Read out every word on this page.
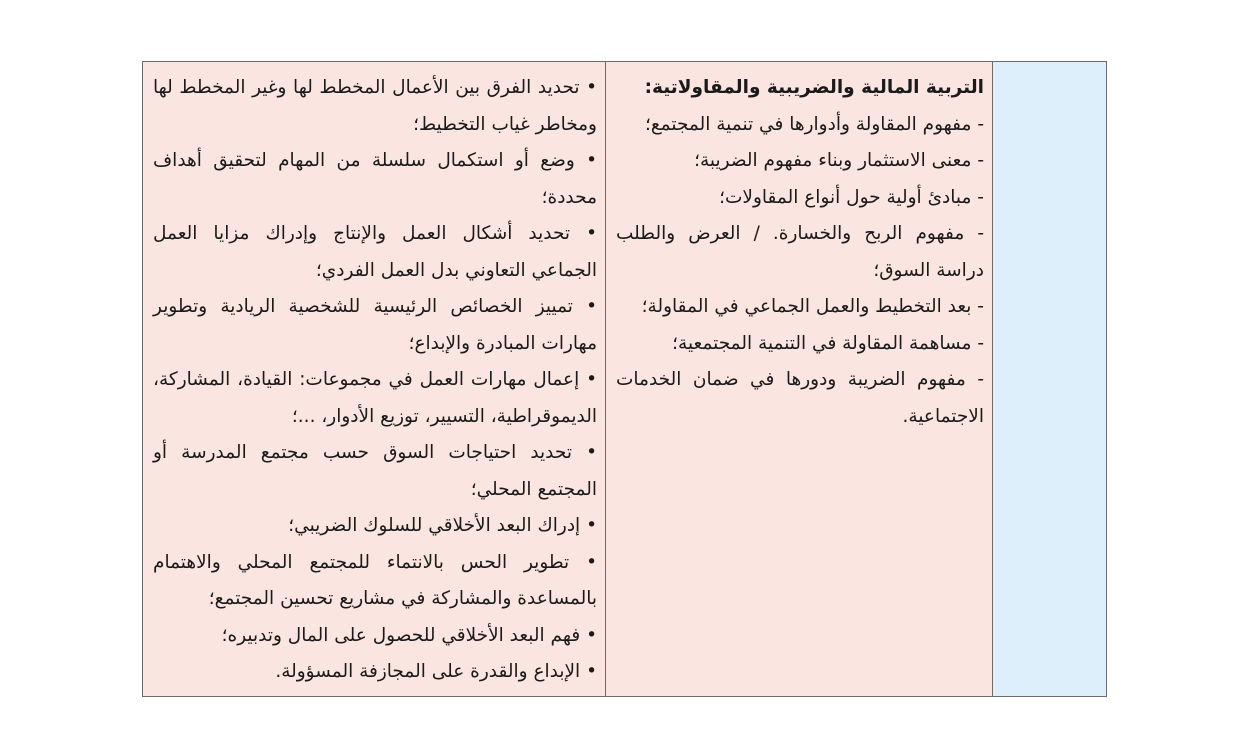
التربية المالية والضريبية والمقاولاتية:
- مفهوم المقاولة وأدوارها في تنمية المجتمع؛
- معنى الاستثمار وبناء مفهوم الضريبة؛
- مبادئ أولية حول أنواع المقاولات؛
- مفهوم الربح والخسارة. / العرض والطلب دراسة السوق؛
- بعد التخطيط والعمل الجماعي في المقاولة؛
- مساهمة المقاولة في التنمية المجتمعية؛
- مفهوم الضريبة ودورها في ضمان الخدمات الاجتماعية.
• تحديد الفرق بين الأعمال المخطط لها وغير المخطط لها ومخاطر غياب التخطيط؛
• وضع أو استكمال سلسلة من المهام لتحقيق أهداف محددة؛
• تحديد أشكال العمل والإنتاج وإدراك مزايا العمل الجماعي التعاوني بدل العمل الفردي؛
• تمييز الخصائص الرئيسية للشخصية الريادية وتطوير مهارات المبادرة والإبداع؛
• إعمال مهارات العمل في مجموعات: القيادة، المشاركة، الديموقراطية، التسيير، توزيع الأدوار، ...؛
• تحديد احتياجات السوق حسب مجتمع المدرسة أو المجتمع المحلي؛
• إدراك البعد الأخلاقي للسلوك الضريبي؛
• تطوير الحس بالانتماء للمجتمع المحلي والاهتمام بالمساعدة والمشاركة في مشاريع تحسين المجتمع؛
• فهم البعد الأخلاقي للحصول على المال وتدبيره؛
• الإبداع والقدرة على المجازفة المسؤولة.
